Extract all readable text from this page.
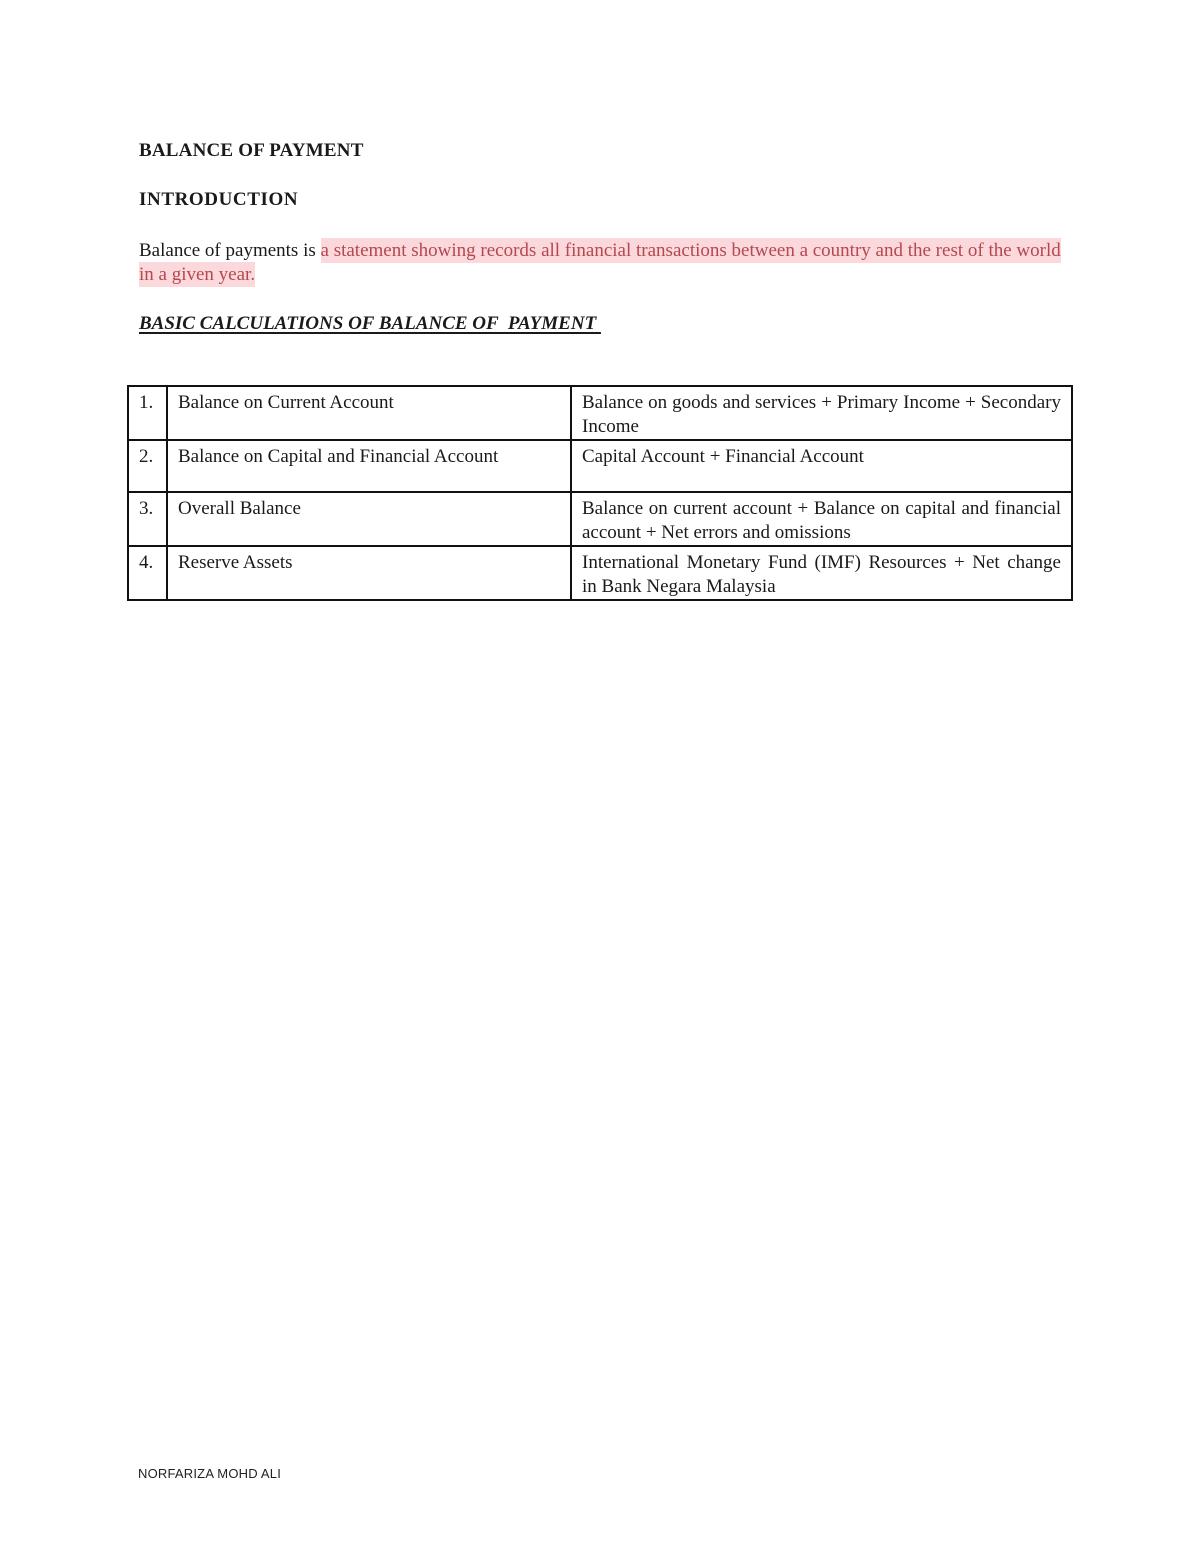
BALANCE OF PAYMENT
INTRODUCTION
Balance of payments is a statement showing records all financial transactions between a country and the rest of the world in a given year.
BASIC CALCULATIONS OF BALANCE OF  PAYMENT
1.	Balance on Current Account	Balance on goods and services + Primary Income + Secondary Income
2.	Balance on Capital and Financial Account	Capital Account + Financial Account
3.	Overall Balance	Balance on current account + Balance on capital and financial account + Net errors and omissions
4.	Reserve Assets	International Monetary Fund (IMF) Resources + Net change in Bank Negara Malaysia
NORFARIZA MOHD ALI
